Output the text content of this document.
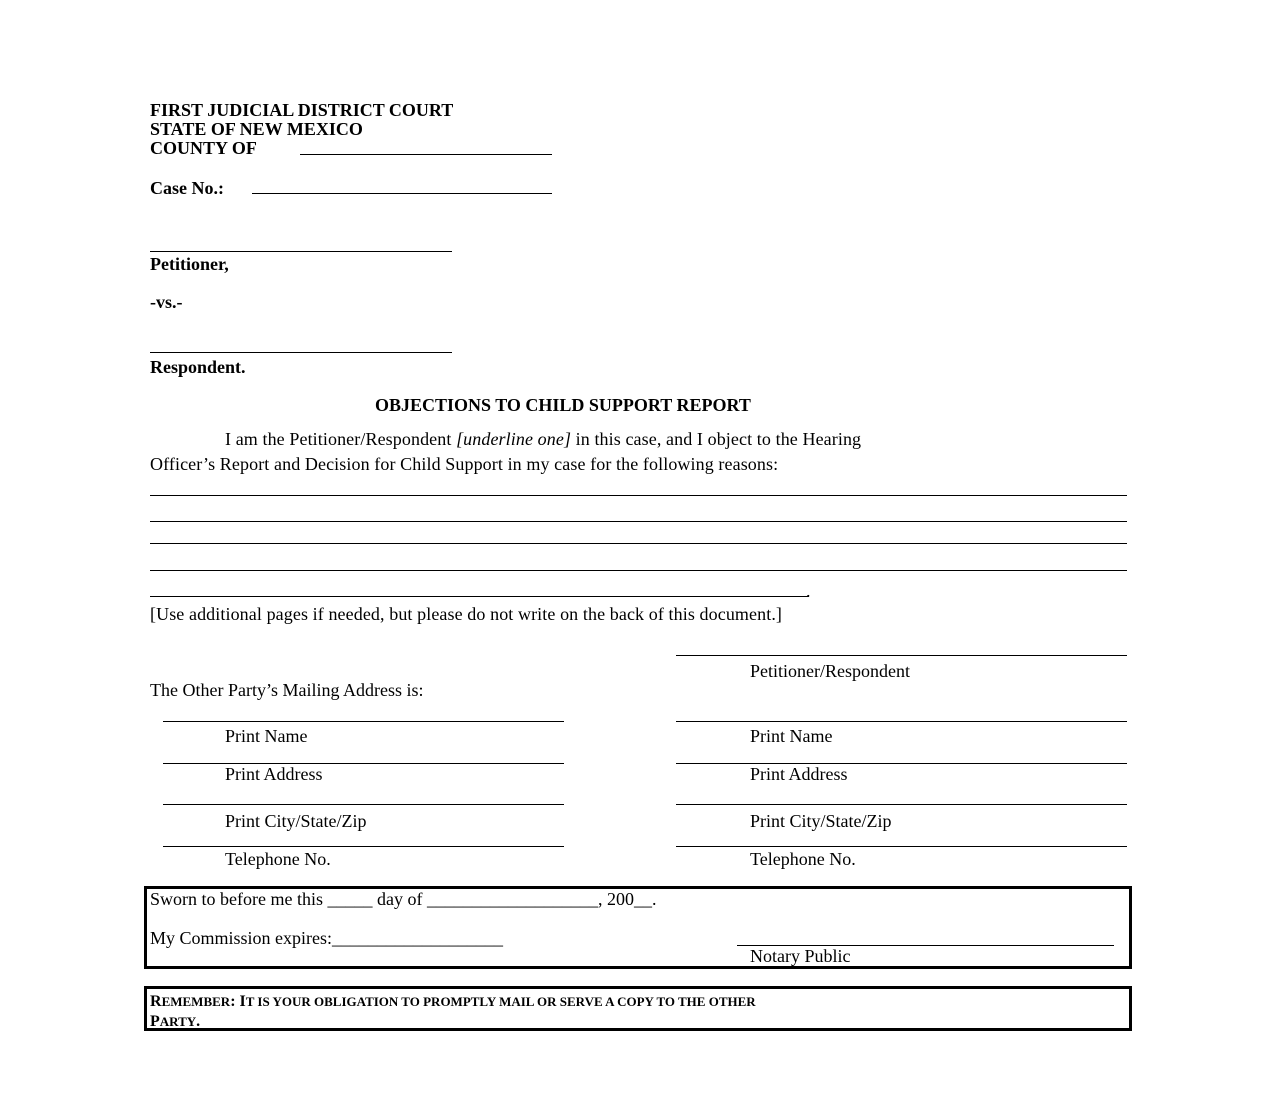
FIRST JUDICIAL DISTRICT COURT
STATE OF NEW MEXICO
COUNTY OF
Case No.:
Petitioner,
-vs.-
Respondent.
OBJECTIONS TO CHILD SUPPORT REPORT
I am the Petitioner/Respondent [underline one] in this case, and I object to the Hearing
Officer’s Report and Decision for Child Support in my case for the following reasons:
.
[Use additional pages if needed, but please do not write on the back of this document.]
Petitioner/Respondent
The Other Party’s Mailing Address is:
Print Name
Print Address
Print City/State/Zip
Telephone No.
Print Name
Print Address
Print City/State/Zip
Telephone No.
Sworn to before me this _____ day of ___________________, 200__.
My Commission expires:___________________
Notary Public
REMEMBER: IT IS YOUR OBLIGATION TO PROMPTLY MAIL OR SERVE A COPY TO THE OTHER
PARTY.
